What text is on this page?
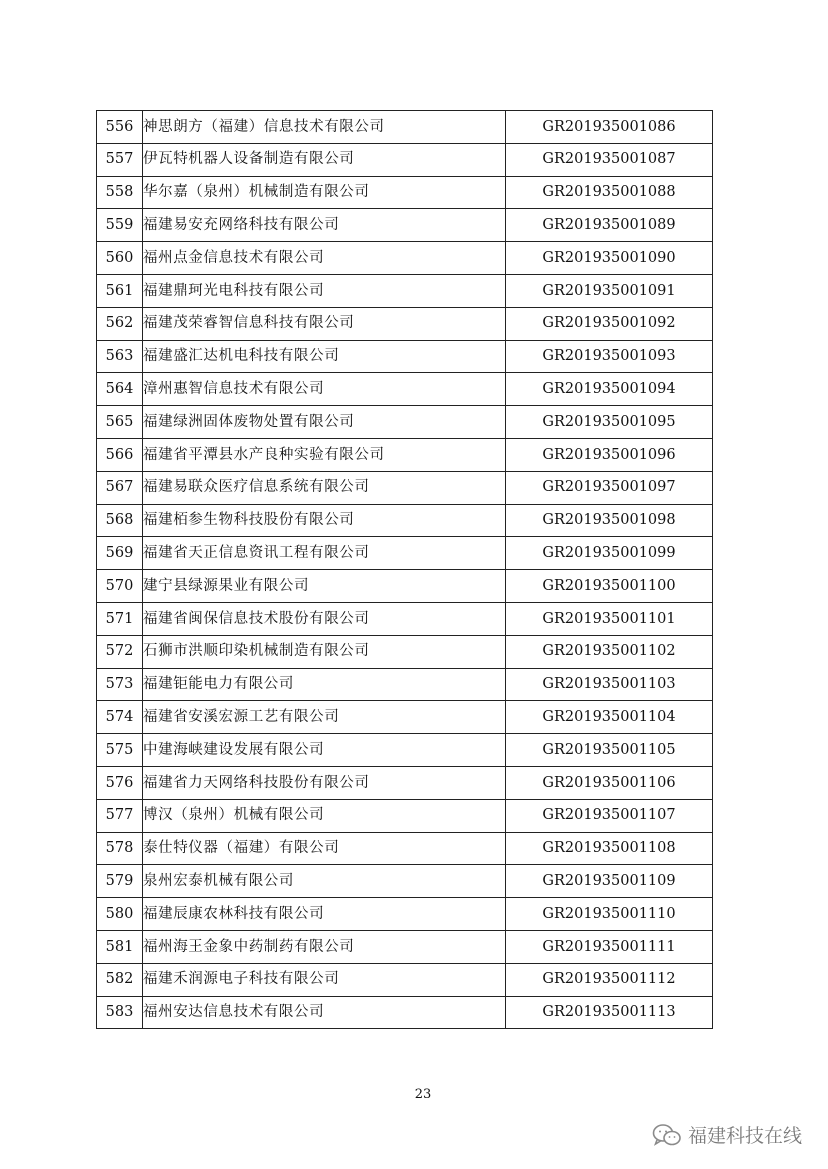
556	神思朗方（福建）信息技术有限公司	GR201935001086
557	伊瓦特机器人设备制造有限公司	GR201935001087
558	华尔嘉（泉州）机械制造有限公司	GR201935001088
559	福建易安充网络科技有限公司	GR201935001089
560	福州点金信息技术有限公司	GR201935001090
561	福建鼎珂光电科技有限公司	GR201935001091
562	福建茂荣睿智信息科技有限公司	GR201935001092
563	福建盛汇达机电科技有限公司	GR201935001093
564	漳州惠智信息技术有限公司	GR201935001094
565	福建绿洲固体废物处置有限公司	GR201935001095
566	福建省平潭县水产良种实验有限公司	GR201935001096
567	福建易联众医疗信息系统有限公司	GR201935001097
568	福建栢参生物科技股份有限公司	GR201935001098
569	福建省天正信息资讯工程有限公司	GR201935001099
570	建宁县绿源果业有限公司	GR201935001100
571	福建省闽保信息技术股份有限公司	GR201935001101
572	石狮市洪顺印染机械制造有限公司	GR201935001102
573	福建钜能电力有限公司	GR201935001103
574	福建省安溪宏源工艺有限公司	GR201935001104
575	中建海峡建设发展有限公司	GR201935001105
576	福建省力天网络科技股份有限公司	GR201935001106
577	博汉（泉州）机械有限公司	GR201935001107
578	泰仕特仪器（福建）有限公司	GR201935001108
579	泉州宏泰机械有限公司	GR201935001109
580	福建辰康农林科技有限公司	GR201935001110
581	福州海王金象中药制药有限公司	GR201935001111
582	福建禾润源电子科技有限公司	GR201935001112
583	福州安达信息技术有限公司	GR201935001113
23
福建科技在线
